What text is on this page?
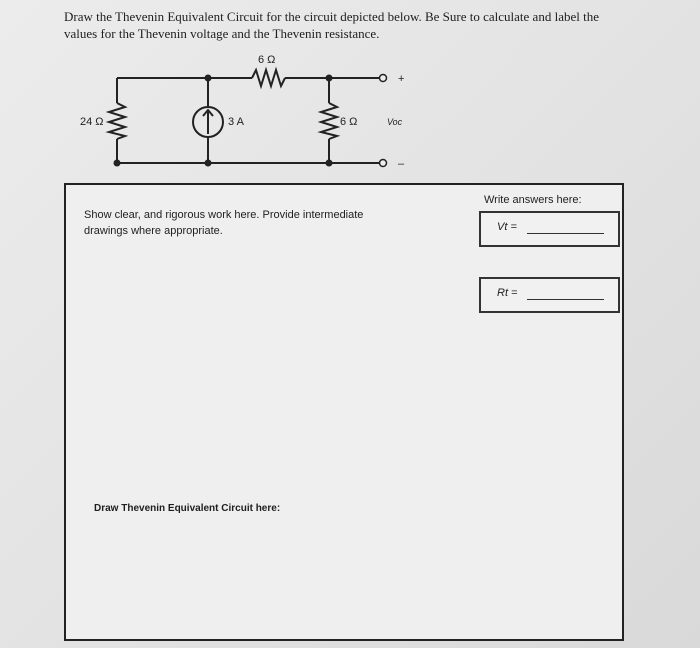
Draw the Thevenin Equivalent Circuit for the circuit depicted below. Be Sure to calculate and label the
values for the Thevenin voltage and the Thevenin resistance.
6 Ω
24 Ω	3 A	6 Ω	Voc
+
–
Show clear, and rigorous work here. Provide intermediate
drawings where appropriate.
Write answers here:
Vt =
Rt =
Draw Thevenin Equivalent Circuit here:
